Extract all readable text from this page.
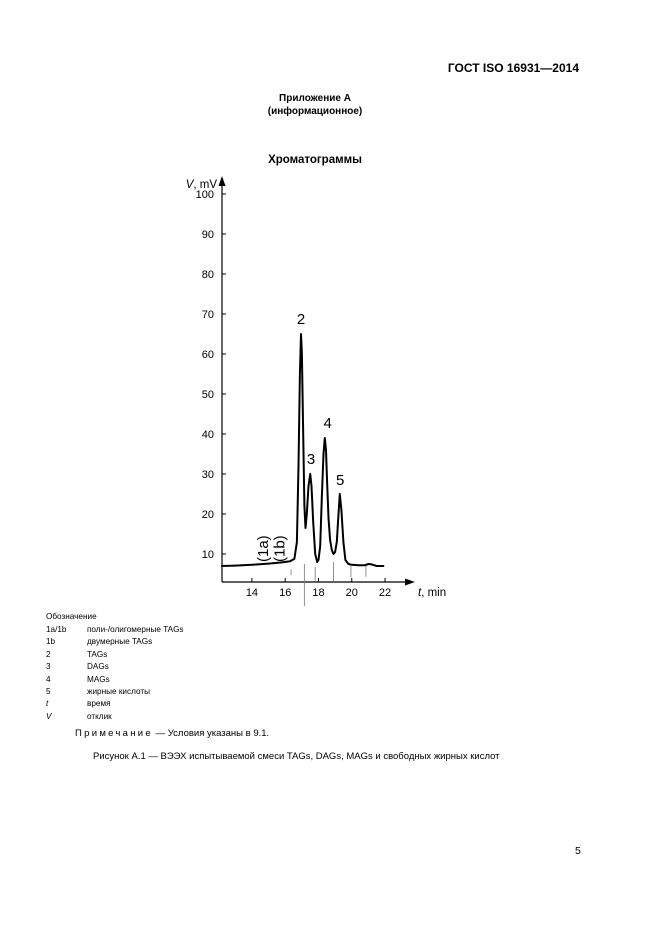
ГОСТ ISO 16931—2014
Приложение А
(информационное)
Хроматограммы
10
20
30
40
50
60
70
80
90
100
14 16 18 20 22
2
3
4
5
(1a) (1b)
V, mV
t, min
Обозначение
1a/1b	поли-/олигомерные TAGs
1b	двумерные TAGs
2	TAGs
3	DAGs
4	MAGs
5	жирные кислоты
t	время
V	отклик
Примечание — Условия указаны в 9.1.
Рисунок А.1 — ВЭЭХ испытываемой смеси TAGs, DAGs, MAGs и свободных жирных кислот
5
